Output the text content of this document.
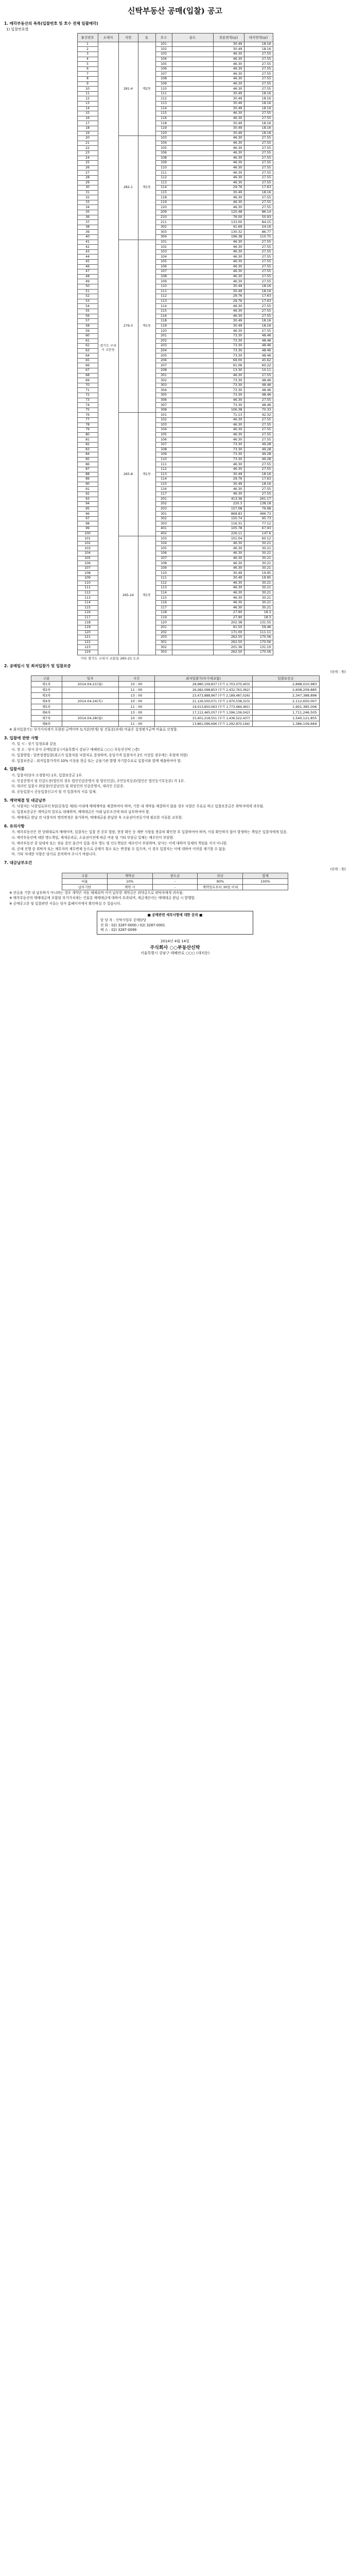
신탁부동산 공매(입찰) 공고
1. 매각부동산의 목록(입찰번호 및 호수 전체 일괄매각)
1) 입찰번호별
물건번호	소재지	지번	동	호수	용도	전용면적(㎡)	대지면적(㎡)
1	경기도 구리시 교문동	281-4	제2동	101		30.49	18.16
2				102		30.49	18.16
3				103		46.30	27.55
4				104		46.30	27.55
5				105		46.30	27.55
6				106		46.30	27.55
7				107		46.30	27.55
8				108		46.30	27.55
9				109		46.30	27.55
10				110		46.30	27.55
11				111		30.49	18.16
12				112		30.49	18.16
13				113		30.49	18.16
14				114		30.49	18.16
15				115		46.30	27.55
16				116		46.30	27.55
17				118		30.49	18.16
18				119		30.49	18.16
19				120		30.49	18.16
20		282-1	제1동	103		46.30	27.55
21				104		46.30	27.55
22				105		46.30	27.55
23				106		46.30	27.55
24				108		46.30	27.55
25				109		46.30	27.55
26				110		46.30	27.55
27				111		46.30	27.55
28				112		46.30	27.55
29				113		46.30	27.55
30				114		29.76	17.63
31				115		30.49	18.16
32				118		46.30	27.55
33				119		46.30	27.55
34				120		46.30	27.55
35				209		120.48	86.14
36				210		76.00	50.93
37				211		133.00	84.15
38				302		41.69	24.16
39				303		130.32	86.77
40				304		196.38	110.75
41		279-3	제1동	101		46.30	27.55
42				102		46.30	27.55
43				103		46.30	27.55
44				104		46.30	27.55
45				105		46.30	27.55
46				106		46.30	27.55
47				107		46.30	27.55
48				108		46.30	27.55
49				109		46.30	27.55
50				110		30.49	18.16
51				111		30.49	18.16
52				112		29.76	17.63
53				113		29.76	17.63
54				114		46.30	27.55
55				115		46.30	27.55
56				116		46.30	27.55
57				118		30.49	18.16
58				119		30.49	18.16
59				120		46.30	27.55
60				201		73.30	48.46
61				202		73.30	48.46
62				203		73.30	48.46
63				204		73.30	48.46
64				205		73.30	48.46
65				206		69.00	45.62
66				207		91.06	60.22
67				208		13.30	10.11
68				301		46.30	27.55
69				302		73.30	48.46
70				303		73.30	48.46
71				304		73.30	48.46
72				305		73.30	48.46
73				306		46.30	27.55
74				307		73.30	48.46
75				308		106.38	70.33
76		265-8	제1동	101		71.13	42.32
77				102		46.30	27.55
78				103		46.30	27.55
79				104		46.30	27.55
80				105		46.30	27.55
81				106		46.30	27.55
82				107		73.30	49.28
83				108		73.30	49.28
84				109		73.30	49.28
85				110		73.30	49.28
86				111		46.30	27.55
87				112		46.30	27.55
88				113		30.49	18.16
89				114		29.76	17.63
90				115		30.49	18.16
91				116		46.30	27.55
92				117		46.30	27.55
93				201		413.36	261.17
94				202		220.3	138.18
95				203		157.08	79.98
96				301		868.83	496.73
97				302		150.74	95.73
98				303		116.31	77.12
99				401		105.78	67.93
100				402		226.11	147.6
101		265-24	제1동	103		101.04	60.12
102				104		46.30	30.21
103				105		46.30	30.21
104				106		46.30	30.21
105				107		46.30	30.21
106				108		46.30	30.21
107				109		46.30	30.21
108				110		30.49	19.95
109				111		30.49	19.95
110				112		46.30	30.21
111				113		46.30	30.21
112				114		46.30	30.21
113				115		46.30	30.21
114				116		46.30	30.21
115				117		46.30	30.21
116				118		27.90	18.3
117				119		27.90	18.3
118				120		202.38	131.55
119				201		91.50	59.46
120				202		171.00	111.11
121				203		262.50	170.56
122				301		262.50	170.56
123				302		201.36	131.10
124				303		262.50	170.56
기타 경기도 구리시 교문동 265-21 도로
2. 공매일시 및 최저입찰가 및 입찰보증
(단위 : 원)
구분	일자	시간	최저입찰가(부가세포함)	입찰보증금
제1차	2014.04.21(월)	10 : 00	28,980,109,837 (부가 2,703,070,403)	2,898,010,983
제2차		11 : 00	26,082,098,853 (부가 2,432,763,362)	2,608,209,885
제3차		13 : 00	23,473,888,967 (부가 2,189,487,026)	2,347,388,896
제4차	2014.04.24(목)	10 : 00	21,126,500,071 (부가 1,970,538,323)	2,112,650,007
제5차		11 : 00	19,013,850,063 (부가 1,773,484,491)	1,901,385,006
제6차		13 : 00	17,112,465,057 (부가 1,596,136,042)	1,711,246,505
제7차	2014.04.28(월)	10 : 00	15,401,218,551 (부가 1,436,522,437)	1,540,121,855
제8차		11 : 00	13,861,096,696 (부가 1,292,870,194)	1,386,109,669
※ 최저입찰가는 부가가치세가 포함된 금액이며 토지분(면세) 및 건물분(과세) 비율은 감정평가금액 비율로 산정함.
3. 입찰에 관한 사항
가. 일 시 : 상기 일정표와 같음
나. 장 소 : 당사 본사 공매입찰실 (서울특별시 강남구 테헤란로 ○○○ 부동산신탁 ○층)
다. 입찰방법 : 일반경쟁입찰(최고가 입찰자를 낙찰자로 결정하며, 동일가격 입찰자가 2인 이상일 경우에는 추첨에 의함)
라. 입찰보증금 : 최저입찰가격의 10% 이상을 현금 또는 금융기관 발행 자기앞수표로 입찰서와 함께 제출하여야 함.
4. 입찰서류
가. 입찰서(당사 소정양식) 1부, 입찰보증금 1부.
나. 인감증명서 및 인감도장(법인의 경우 법인인감증명서 및 법인인감), 주민등록등본(법인은 법인등기부등본) 각 1부.
다. 대리인 입찰시 위임장(인감날인) 및 위임인의 인감증명서, 대리인 신분증.
라. 공동입찰시 공동입찰신고서 및 각 입찰자의 서류 일체.
5. 계약체결 및 대금납부
가. 낙찰자는 낙찰일로부터 5일(공휴일 제외) 이내에 매매계약을 체결하여야 하며, 기한 내 계약을 체결하지 않을 경우 낙찰은 무효로 하고 입찰보증금은 위탁자에게 귀속됨.
나. 입찰보증금은 계약금의 일부로 대체하며, 매매대금은 아래 납부조건에 따라 납부하여야 함.
다. 매매대금 완납 전 낙찰자의 명의변경은 불가하며, 매매대금을 완납한 후 소유권이전등기에 필요한 서류를 교부함.
6. 유의사항
가. 매각부동산은 현 상태대로의 매매이며, 입찰자는 입찰 전 공부 열람, 현장 확인 등 제반 사항을 충분히 확인한 후 입찰하여야 하며, 이를 확인하지 않아 발생하는 책임은 입찰자에게 있음.
나. 매각부동산에 대한 명도책임, 제세공과금, 소유권이전에 따른 비용 및 기타 부담금 일체는 매수인이 부담함.
다. 매각부동산 중 임대차 또는 점유 중인 물건이 있을 경우 명도 및 인도책임은 매수인이 부담하며, 당사는 이에 대하여 일체의 책임을 지지 아니함.
라. 공매 진행 중 위탁자 또는 채무자의 채무변제 등으로 공매가 취소 또는 변경될 수 있으며, 이 경우 입찰자는 이에 대하여 이의를 제기할 수 없음.
마. 기타 자세한 사항은 당사로 문의하여 주시기 바랍니다.
7. 대금납부조건
(단위 : 원)
구분	계약금	중도금	잔금	합계
비율	10%	-	90%	100%
납부기한	계약 시	-	계약일로부터 30일 이내	
※ 잔금을 기한 내 납부하지 아니하는 경우 계약은 자동 해제되며 이미 납부한 계약금은 위약금으로 위탁자에게 귀속됨.
※ 매각부동산의 매매대금에 포함된 부가가치세는 건물분 매매대금에 대하여 부과되며, 세금계산서는 매매대금 완납 시 발행함.
※ 공매공고문 및 입찰관련 서류는 당사 홈페이지에서 확인하실 수 있습니다.
■ 공매관련 세부사항에 대한 문의 ■
담 당 자 : 신탁사업부 공매담당
전 화 : 02) 3287-0000 / 02) 3287-0001
팩 스 : 02) 3287-0099
2014년 4월 14일
주식회사 ○○부동산신탁
서울특별시 강남구 테헤란로 ○○○ (대치동)
